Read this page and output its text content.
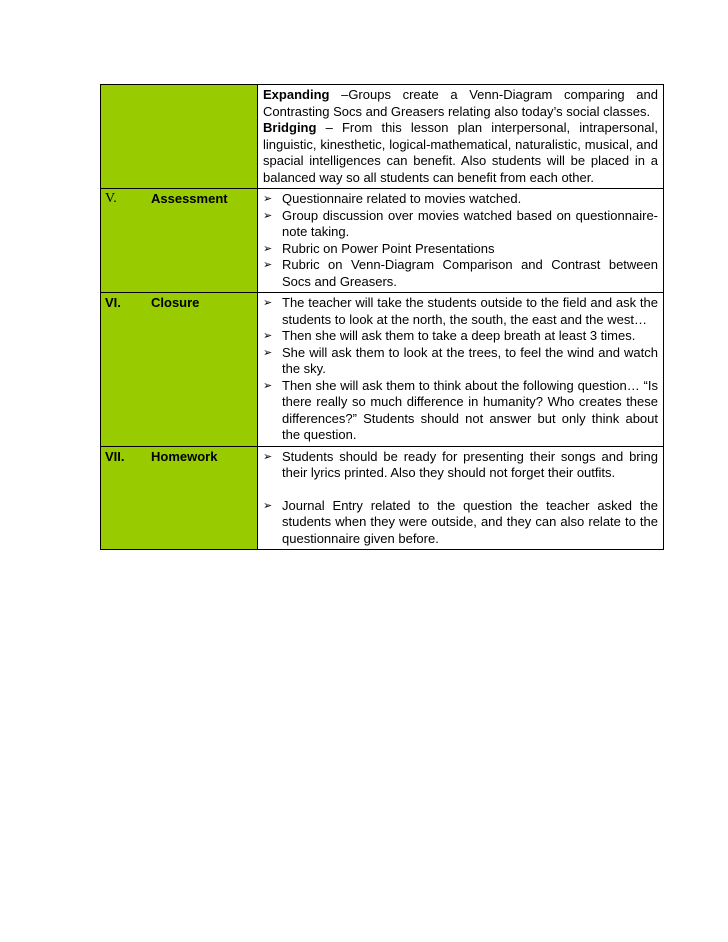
Expanding –Groups create a Venn-Diagram comparing and Contrasting Socs and Greasers relating also today’s social classes.

Bridging – From this lesson plan interpersonal, intrapersonal, linguistic, kinesthetic, logical-mathematical, naturalistic, musical, and spacial intelligences can benefit. Also students will be placed in a balanced way so all students can benefit from each other.

V.	Assessment	➢ Questionnaire related to movies watched.
➢ Group discussion over movies watched based on questionnaire- note taking.
➢ Rubric on Power Point Presentations
➢ Rubric on Venn-Diagram Comparison and Contrast between Socs and Greasers.
VI.	Closure	➢ The teacher will take the students outside to the field and ask the students to look at the north, the south, the east and the west…
➢ Then she will ask them to take a deep breath at least 3 times.
➢ She will ask them to look at the trees, to feel the wind and watch the sky.
➢ Then she will ask them to think about the following question… “Is there really so much difference in humanity? Who creates these differences?” Students should not answer but only think about the question.
VII.	Homework	➢ Students should be ready for presenting their songs and bring their lyrics printed. Also they should not forget their outfits.
➢ Journal Entry related to the question the teacher asked the students when they were outside, and they can also relate to the questionnaire given before.
